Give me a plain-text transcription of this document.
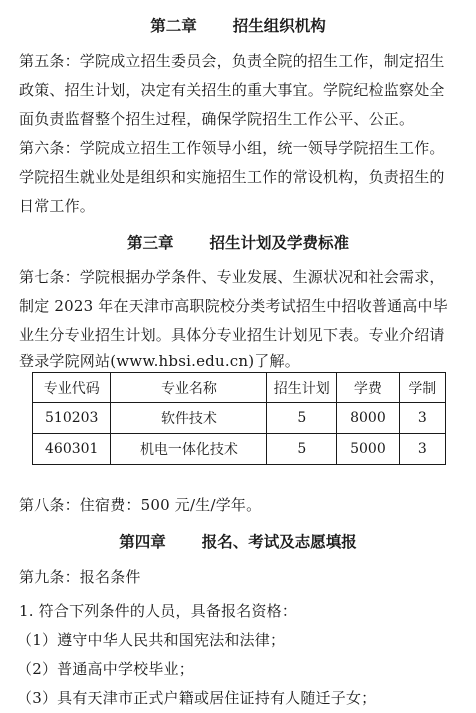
第二章 招生组织机构
第五条：学院成立招生委员会，负责全院的招生工作，制定招生
政策、招生计划，决定有关招生的重大事宜。学院纪检监察处全
面负责监督整个招生过程，确保学院招生工作公平、公正。
第六条：学院成立招生工作领导小组，统一领导学院招生工作。
学院招生就业处是组织和实施招生工作的常设机构，负责招生的
日常工作。
第三章 招生计划及学费标准
第七条：学院根据办学条件、专业发展、生源状况和社会需求，
制定 2023 年在天津市高职院校分类考试招生中招收普通高中毕
业生分专业招生计划。具体分专业招生计划见下表。专业介绍请
登录学院网站(www.hbsi.edu.cn)了解。
专业代码	专业名称	招生计划	学费	学制
510203	软件技术	5	8000	3
460301	机电一体化技术	5	5000	3
第八条：住宿费：500 元/生/学年。
第四章 报名、考试及志愿填报
第九条：报名条件
1. 符合下列条件的人员，具备报名资格：
（1）遵守中华人民共和国宪法和法律；
（2）普通高中学校毕业；
（3）具有天津市正式户籍或居住证持有人随迁子女；
